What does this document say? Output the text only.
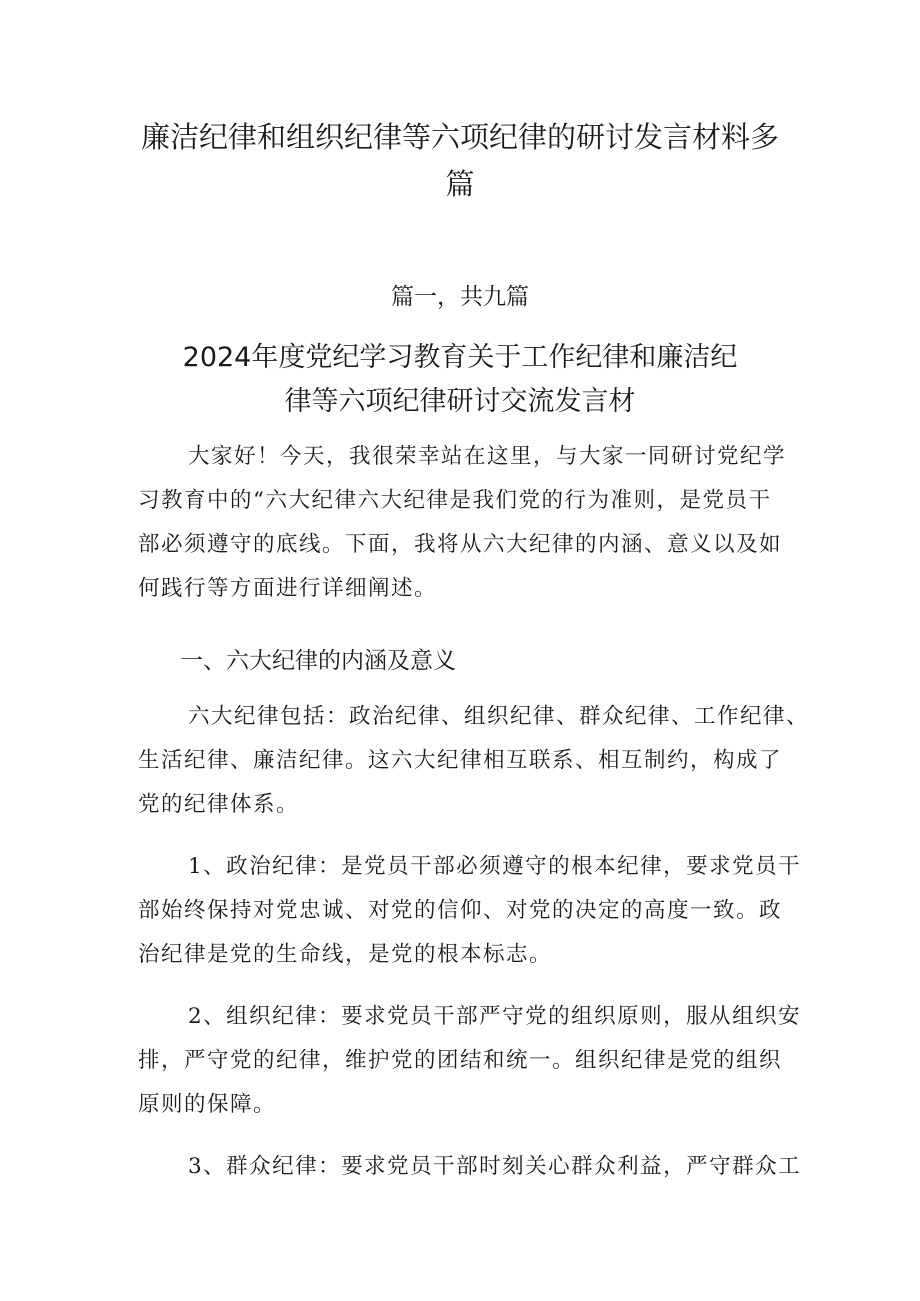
廉洁纪律和组织纪律等六项纪律的研讨发言材料多
篇
篇一，共九篇
2024年度党纪学习教育关于工作纪律和廉洁纪
律等六项纪律研讨交流发言材
大家好！今天，我很荣幸站在这里，与大家一同研讨党纪学
习教育中的“六大纪律六大纪律是我们党的行为准则，是党员干
部必须遵守的底线。下面，我将从六大纪律的内涵、意义以及如
何践行等方面进行详细阐述。
一、六大纪律的内涵及意义
六大纪律包括：政治纪律、组织纪律、群众纪律、工作纪律、
生活纪律、廉洁纪律。这六大纪律相互联系、相互制约，构成了
党的纪律体系。
1、政治纪律：是党员干部必须遵守的根本纪律，要求党员干
部始终保持对党忠诚、对党的信仰、对党的决定的高度一致。政
治纪律是党的生命线，是党的根本标志。
2、组织纪律：要求党员干部严守党的组织原则，服从组织安
排，严守党的纪律，维护党的团结和统一。组织纪律是党的组织
原则的保障。
3、群众纪律：要求党员干部时刻关心群众利益，严守群众工
